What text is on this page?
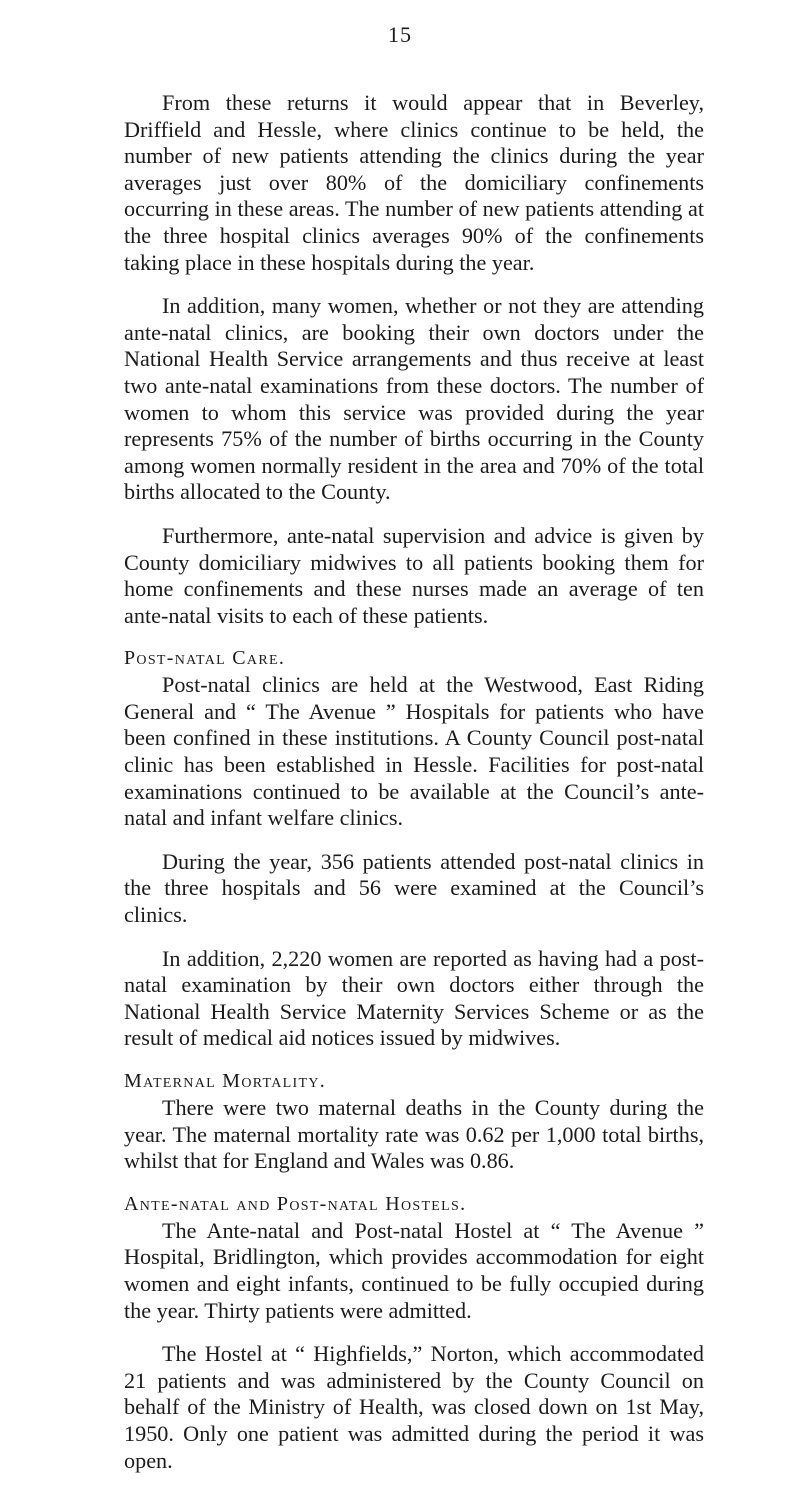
15

From these returns it would appear that in Beverley, Driffield and Hessle, where clinics continue to be held, the number of new patients attending the clinics during the year averages just over 80% of the domiciliary confinements occurring in these areas. The number of new patients attending at the three hospital clinics averages 90% of the confinements taking place in these hospitals during the year.

In addition, many women, whether or not they are attending ante-natal clinics, are booking their own doctors under the National Health Service arrangements and thus receive at least two ante-natal examinations from these doctors. The number of women to whom this service was provided during the year represents 75% of the number of births occurring in the County among women normally resident in the area and 70% of the total births allocated to the County.

Furthermore, ante-natal supervision and advice is given by County domiciliary midwives to all patients booking them for home confinements and these nurses made an average of ten ante-natal visits to each of these patients.

Post-natal Care.

Post-natal clinics are held at the Westwood, East Riding General and “ The Avenue ” Hospitals for patients who have been confined in these institutions. A County Council post-natal clinic has been established in Hessle. Facilities for post-natal examinations continued to be available at the Council’s ante-natal and infant welfare clinics.

During the year, 356 patients attended post-natal clinics in the three hospitals and 56 were examined at the Council’s clinics.

In addition, 2,220 women are reported as having had a post-natal examination by their own doctors either through the National Health Service Maternity Services Scheme or as the result of medical aid notices issued by midwives.

Maternal Mortality.

There were two maternal deaths in the County during the year. The maternal mortality rate was 0.62 per 1,000 total births, whilst that for England and Wales was 0.86.

Ante-natal and Post-natal Hostels.

The Ante-natal and Post-natal Hostel at “ The Avenue ” Hospital, Bridlington, which provides accommodation for eight women and eight infants, continued to be fully occupied during the year. Thirty patients were admitted.

The Hostel at “ Highfields,” Norton, which accommodated 21 patients and was administered by the County Council on behalf of the Ministry of Health, was closed down on 1st May, 1950. Only one patient was admitted during the period it was open.
